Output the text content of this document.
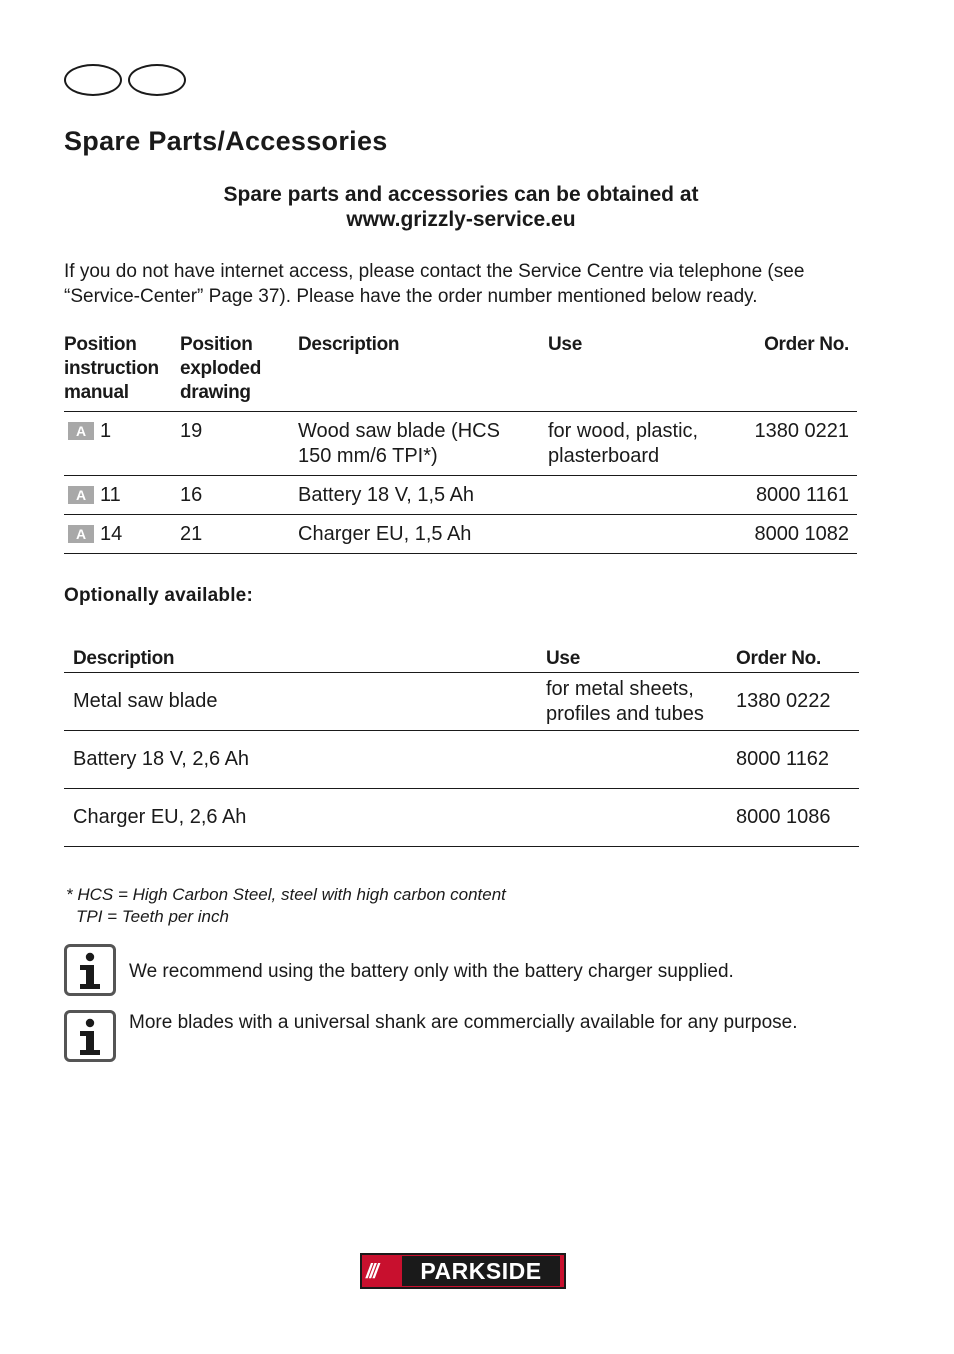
Spare Parts/Accessories
Spare parts and accessories can be obtained at
www.grizzly-service.eu
If you do not have internet access, please contact the Service Centre via telephone (see “Service-Center” Page 37). Please have the order number mentioned below ready.
Position instruction manual	Position exploded drawing	Description	Use	Order No.
A 1	19	Wood saw blade (HCS 150 mm/6 TPI*)	for wood, plastic, plasterboard	1380 0221
A 11	16	Battery 18 V, 1,5 Ah		8000 1161
A 14	21	Charger EU, 1,5 Ah		8000 1082
Optionally available:
Description	Use	Order No.
Metal saw blade	for metal sheets, profiles and tubes	1380 0222
Battery 18 V, 2,6 Ah		8000 1162
Charger EU, 2,6 Ah		8000 1086
* HCS = High Carbon Steel, steel with high carbon content
TPI = Teeth per inch
We recommend using the battery only with the battery charger supplied.
More blades with a universal shank are commercially available for any purpose.
///	PARKSIDE
